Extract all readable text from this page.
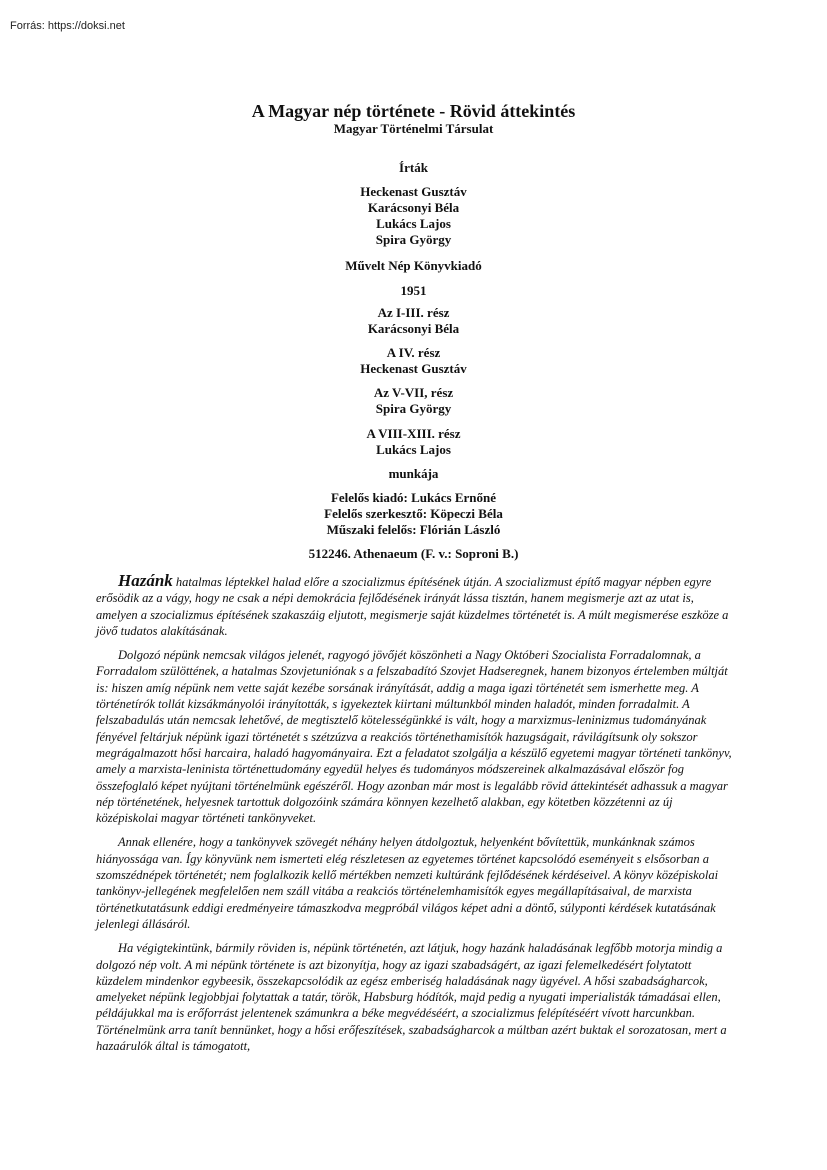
Forrás: https://doksi.net
A Magyar nép története - Rövid áttekintés
Magyar Történelmi Társulat
Írták
Heckenast Gusztáv
Karácsonyi Béla
Lukács Lajos
Spira György
Művelt Nép Könyvkiadó
1951
Az I-III. rész
Karácsonyi Béla
A IV. rész
Heckenast Gusztáv
Az V-VII, rész
Spira György
A VIII-XIII. rész
Lukács Lajos
munkája
Felelős kiadó: Lukács Ernőné
Felelős szerkesztő: Köpeczi Béla
Műszaki felelős: Flórián László
512246. Athenaeum (F. v.: Soproni B.)

Hazánk hatalmas léptekkel halad előre a szocializmus építésének útján. A szocializmust építő magyar népben egyre erősödik az a vágy, hogy ne csak a népi demokrácia fejlődésének irányát lássa tisztán, hanem megismerje azt az utat is, amelyen a szocializmus építésének szakaszáig eljutott, megismerje saját küzdelmes történetét is. A múlt megismerése eszköze a jövő tudatos alakításának.

Dolgozó népünk nemcsak világos jelenét, ragyogó jövőjét köszönheti a Nagy Októberi Szocialista Forradalomnak, a Forradalom szülöttének, a hatalmas Szovjetuniónak s a felszabadító Szovjet Hadseregnek, hanem bizonyos értelemben múltját is: hiszen amíg népünk nem vette saját kezébe sorsának irányítását, addig a maga igazi történetét sem ismerhette meg. A történetírók tollát kizsákmányolói irányították, s igyekeztek kiirtani múltunkból minden haladót, minden forradalmit. A felszabadulás után nemcsak lehetővé, de megtisztelő kötelességünkké is vált, hogy a marxizmus-leninizmus tudományának fényével feltárjuk népünk igazi történetét s szétzúzva a reakciós történethamisítók hazugságait, rávilágítsunk oly sokszor megrágalmazott hősi harcaira, haladó hagyományaira. Ezt a feladatot szolgálja a készülő egyetemi magyar történeti tankönyv, amely a marxista-leninista történettudomány egyedül helyes és tudományos módszereinek alkalmazásával először fog összefoglaló képet nyújtani történelmünk egészéről. Hogy azonban már most is legalább rövid áttekintését adhassuk a magyar nép történetének, helyesnek tartottuk dolgozóink számára könnyen kezelhető alakban, egy kötetben közzétenni az új középiskolai magyar történeti tankönyveket.

Annak ellenére, hogy a tankönyvek szövegét néhány helyen átdolgoztuk, helyenként bővítettük, munkánknak számos hiányossága van. Így könyvünk nem ismerteti elég részletesen az egyetemes történet kapcsolódó eseményeit s elsősorban a szomszédnépek történetét; nem foglalkozik kellő mértékben nemzeti kultúránk fejlődésének kérdéseivel. A könyv középiskolai tankönyv-jellegének megfelelően nem száll vitába a reakciós történelemhamisítók egyes megállapításaival, de marxista történetkutatásunk eddigi eredményeire támaszkodva megpróbál világos képet adni a döntő, súlyponti kérdések kutatásának jelenlegi állásáról.

Ha végigtekintünk, bármily röviden is, népünk történetén, azt látjuk, hogy hazánk haladásának legfőbb motorja mindig a dolgozó nép volt. A mi népünk története is azt bizonyítja, hogy az igazi szabadságért, az igazi felemelkedésért folytatott küzdelem mindenkor egybeesik, összekapcsolódik az egész emberiség haladásának nagy ügyével. A hősi szabadságharcok, amelyeket népünk legjobbjai folytattak a tatár, török, Habsburg hódítók, majd pedig a nyugati imperialisták támadásai ellen, példájukkal ma is erőforrást jelentenek számunkra a béke megvédéséért, a szocializmus felépítéséért vívott harcunkban. Történelmünk arra tanít bennünket, hogy a hősi erőfeszítések, szabadságharcok a múltban azért buktak el sorozatosan, mert a hazaárulók által is támogatott,
